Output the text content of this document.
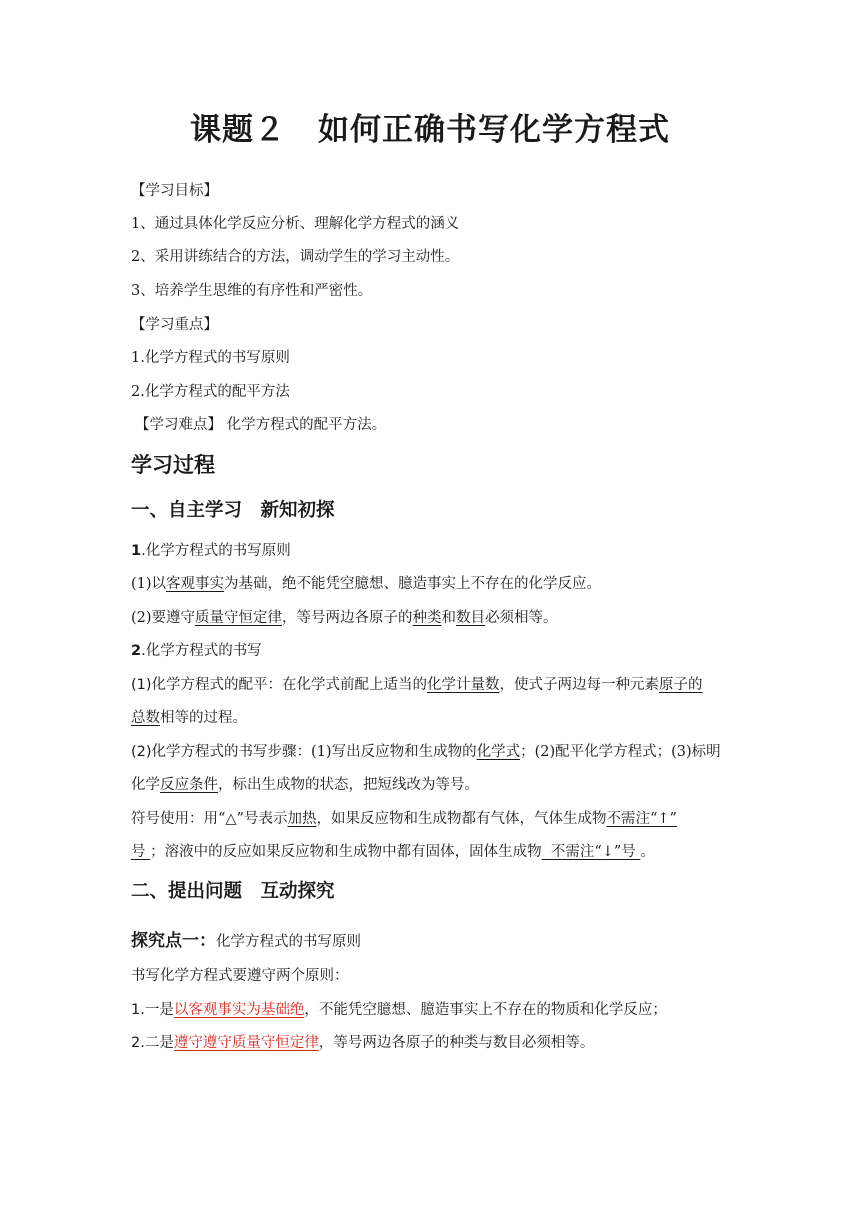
课题２　如何正确书写化学方程式
【学习目标】
1、通过具体化学反应分析、理解化学方程式的涵义
2、采用讲练结合的方法，调动学生的学习主动性。
3、培养学生思维的有序性和严密性。
【学习重点】
1.化学方程式的书写原则
2.化学方程式的配平方法
【学习难点】 化学方程式的配平方法。
学习过程
一、自主学习　新知初探
1.化学方程式的书写原则
(1)以客观事实为基础，绝不能凭空臆想、臆造事实上不存在的化学反应。
(2)要遵守质量守恒定律，等号两边各原子的种类和数目必须相等。
2.化学方程式的书写
(1)化学方程式的配平：在化学式前配上适当的化学计量数，使式子两边每一种元素原子的
总数相等的过程。
(2)化学方程式的书写步骤：(1)写出反应物和生成物的化学式；(2)配平化学方程式；(3)标明
化学反应条件，标出生成物的状态，把短线改为等号。
符号使用：用“△”号表示加热，如果反应物和生成物都有气体，气体生成物不需注“↑”
号 ；溶液中的反应如果反应物和生成物中都有固体，固体生成物  不需注“↓”号 。
二、提出问题　互动探究
探究点一：化学方程式的书写原则
书写化学方程式要遵守两个原则：
1.一是以客观事实为基础绝，不能凭空臆想、臆造事实上不存在的物质和化学反应；
2.二是遵守遵守质量守恒定律，等号两边各原子的种类与数目必须相等。
